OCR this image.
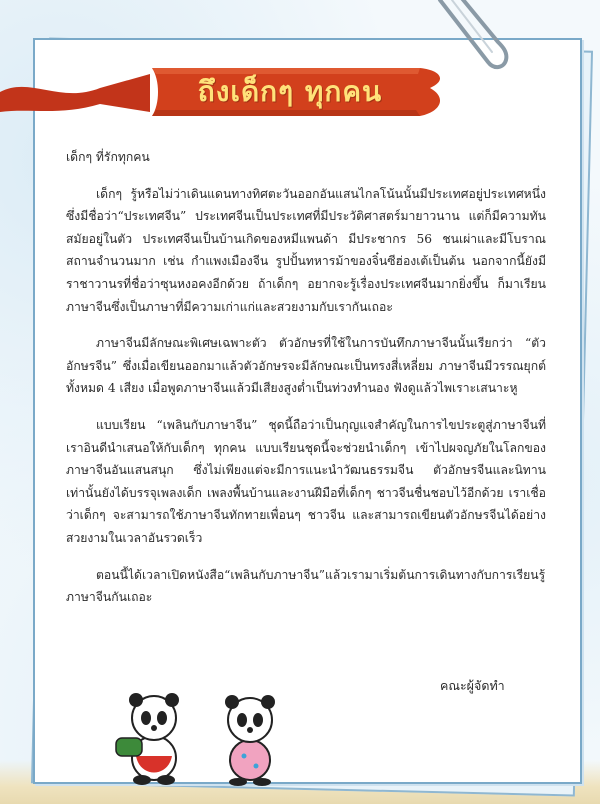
ถึงเด็กๆ ทุกคน

เด็กๆ ที่รักทุกคน

เด็กๆ รู้หรือไม่ว่าเดินแดนทางทิศตะวันออกอันแสนไกลโน้นนั้นมีประเทศอยู่ประเทศหนึ่งซึ่งมีชื่อว่า“ประเทศจีน” ประเทศจีนเป็นประเทศที่มีประวัติศาสตร์มายาวนาน แต่ก็มีความทันสมัยอยู่ในตัว ประเทศจีนเป็นบ้านเกิดของหมีแพนด้า มีประชากร 56 ชนเผ่าและมีโบราณสถานจำนวนมาก เช่น กำแพงเมืองจีน รูปปั้นทหารม้าของจิ๋นซีฮ่องเต้เป็นต้น นอกจากนี้ยังมีราชาวานรที่ชื่อว่าซุนหงอคงอีกด้วย ถ้าเด็กๆ อยากจะรู้เรื่องประเทศจีนมากยิ่งขึ้น ก็มาเรียนภาษาจีนซึ่งเป็นภาษาที่มีความเก่าแก่และสวยงามกับเรากันเถอะ

ภาษาจีนมีลักษณะพิเศษเฉพาะตัว ตัวอักษรที่ใช้ในการบันทึกภาษาจีนนั้นเรียกว่า “ตัวอักษรจีน” ซึ่งเมื่อเขียนออกมาแล้วตัวอักษรจะมีลักษณะเป็นทรงสี่เหลี่ยม ภาษาจีนมีวรรณยุกต์ทั้งหมด 4 เสียง เมื่อพูดภาษาจีนแล้วมีเสียงสูงต่ำเป็นท่วงทำนอง ฟังดูแล้วไพเราะเสนาะหู

แบบเรียน “เพลินกับภาษาจีน” ชุดนี้ถือว่าเป็นกุญแจสำคัญในการไขประตูสู่ภาษาจีนที่เราอินดีนำเสนอให้กับเด็กๆ ทุกคน แบบเรียนชุดนี้จะช่วยนำเด็กๆ เข้าไปผจญภัยในโลกของภาษาจีนอันแสนสนุก ซึ่งไม่เพียงแต่จะมีการแนะนำวัฒนธรรมจีน ตัวอักษรจีนและนิทานเท่านั้นยังได้บรรจุเพลงเด็ก เพลงพื้นบ้านและงานฝีมือที่เด็กๆ ชาวจีนชื่นชอบไว้อีกด้วย เราเชื่อว่าเด็กๆ จะสามารถใช้ภาษาจีนทักทายเพื่อนๆ ชาวจีน และสามารถเขียนตัวอักษรจีนได้อย่างสวยงามในเวลาอันรวดเร็ว

ตอนนี้ได้เวลาเปิดหนังสือ“เพลินกับภาษาจีน”แล้วเรามาเริ่มต้นการเดินทางกับการเรียนรู้ภาษาจีนกันเถอะ

คณะผู้จัดทำ
